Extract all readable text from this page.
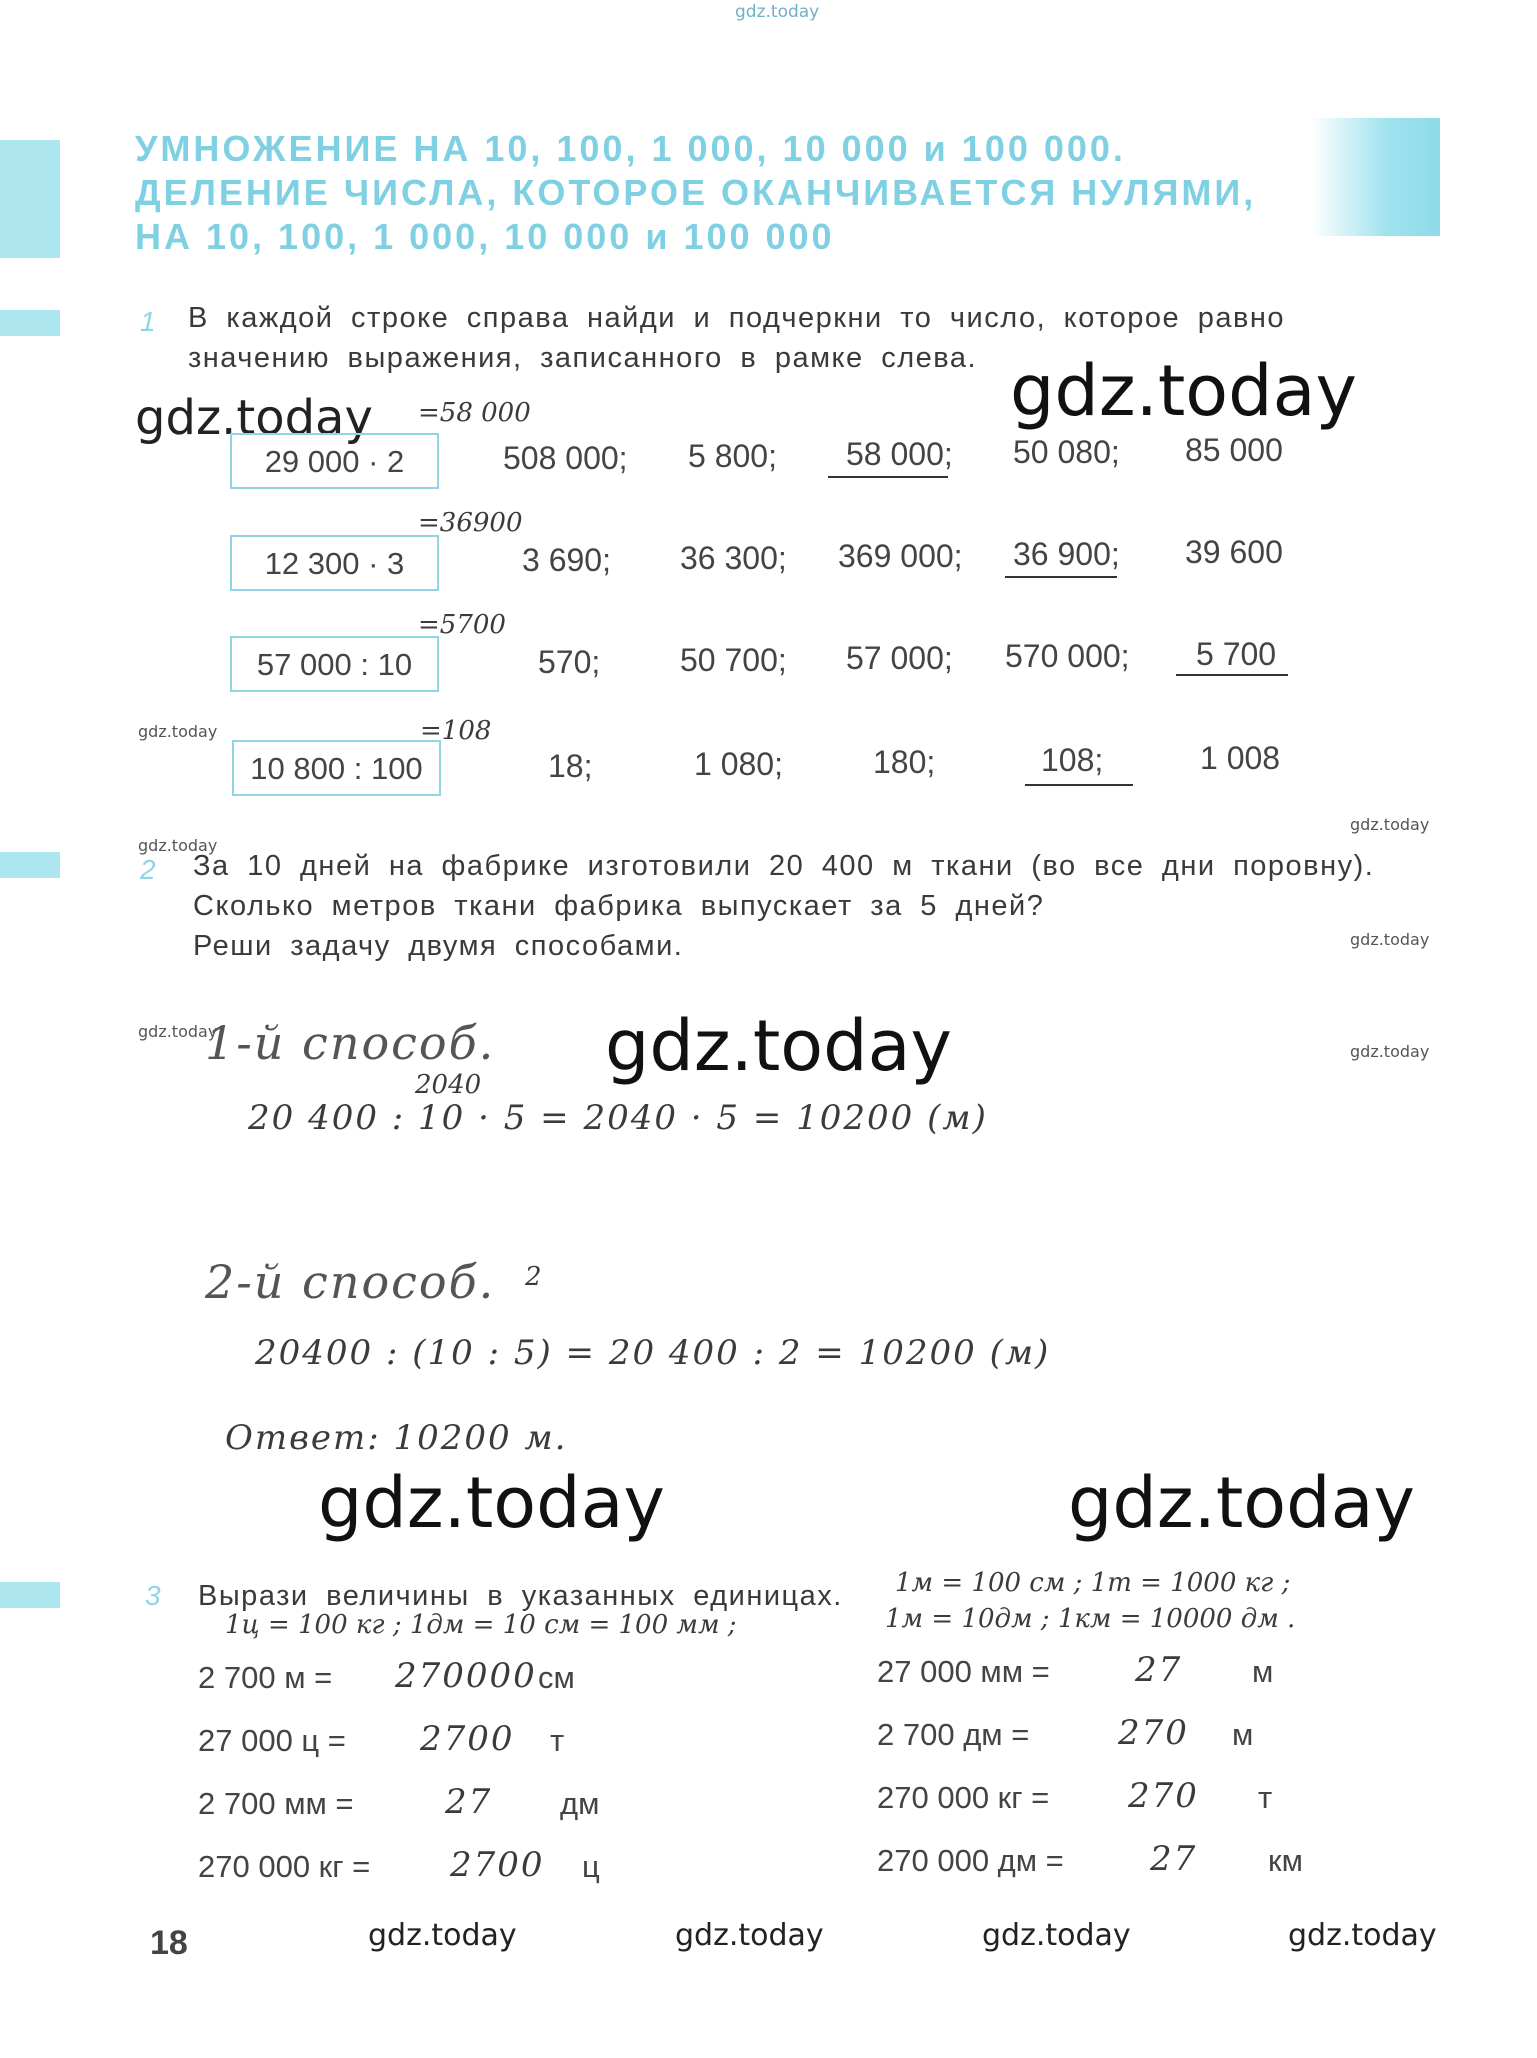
gdz.today
УМНОЖЕНИЕ НА 10, 100, 1 000, 10 000 и 100 000.
ДЕЛЕНИЕ ЧИСЛА, КОТОРОЕ ОКАНЧИВАЕТСЯ НУЛЯМИ,
НА 10, 100, 1 000, 10 000 и 100 000
1 В каждой строке справа найди и подчеркни то число, которое равно
значению выражения, записанного в рамке слева. gdz.today
gdz.today
29 000 · 2
=58 000
508 000; 5 800; 58 000; 50 080; 85 000
12 300 · 3
=36900
3 690; 36 300; 369 000; 36 900; 39 600
57 000 : 10
=5700
570; 50 700; 57 000; 570 000; 5 700
gdz.today
10 800 : 100
=108
18;	1 080;	180;	108;	1 008
gdz.today
gdz.today
2 За 10 дней на фабрике изготовили 20 400 м ткани (во все дни поровну).
Сколько метров ткани фабрика выпускает за 5 дней?
Реши задачу двумя способами.	gdz.today
gdz.today
gdz.today
1-й способ. gdz.today
2040
20 400 : 10 · 5 = 2040 · 5 = 10200 (м)
2-й способ. 2
20400 : (10 : 5) = 20 400 : 2 = 10200 (м)
Ответ: 10200 м.
gdz.today	gdz.today
3 Вырази величины в указанных единицах. 1м = 100 см ; 1т = 1000 кг ;
1ц = 100 кг ; 1дм = 10 см = 100 мм ;	1м = 10дм ; 1км = 10000 дм .
2 700 м = 270000 см
27 000 ц = 2700 т
2 700 мм =	27 дм
270 000 кг = 2700 ц
27 000 мм =	27 м
2 700 дм =	270 м
270 000 кг = 270 т
270 000 дм =	27 км
18	gdz.today	gdz.today	gdz.today	gdz.today
